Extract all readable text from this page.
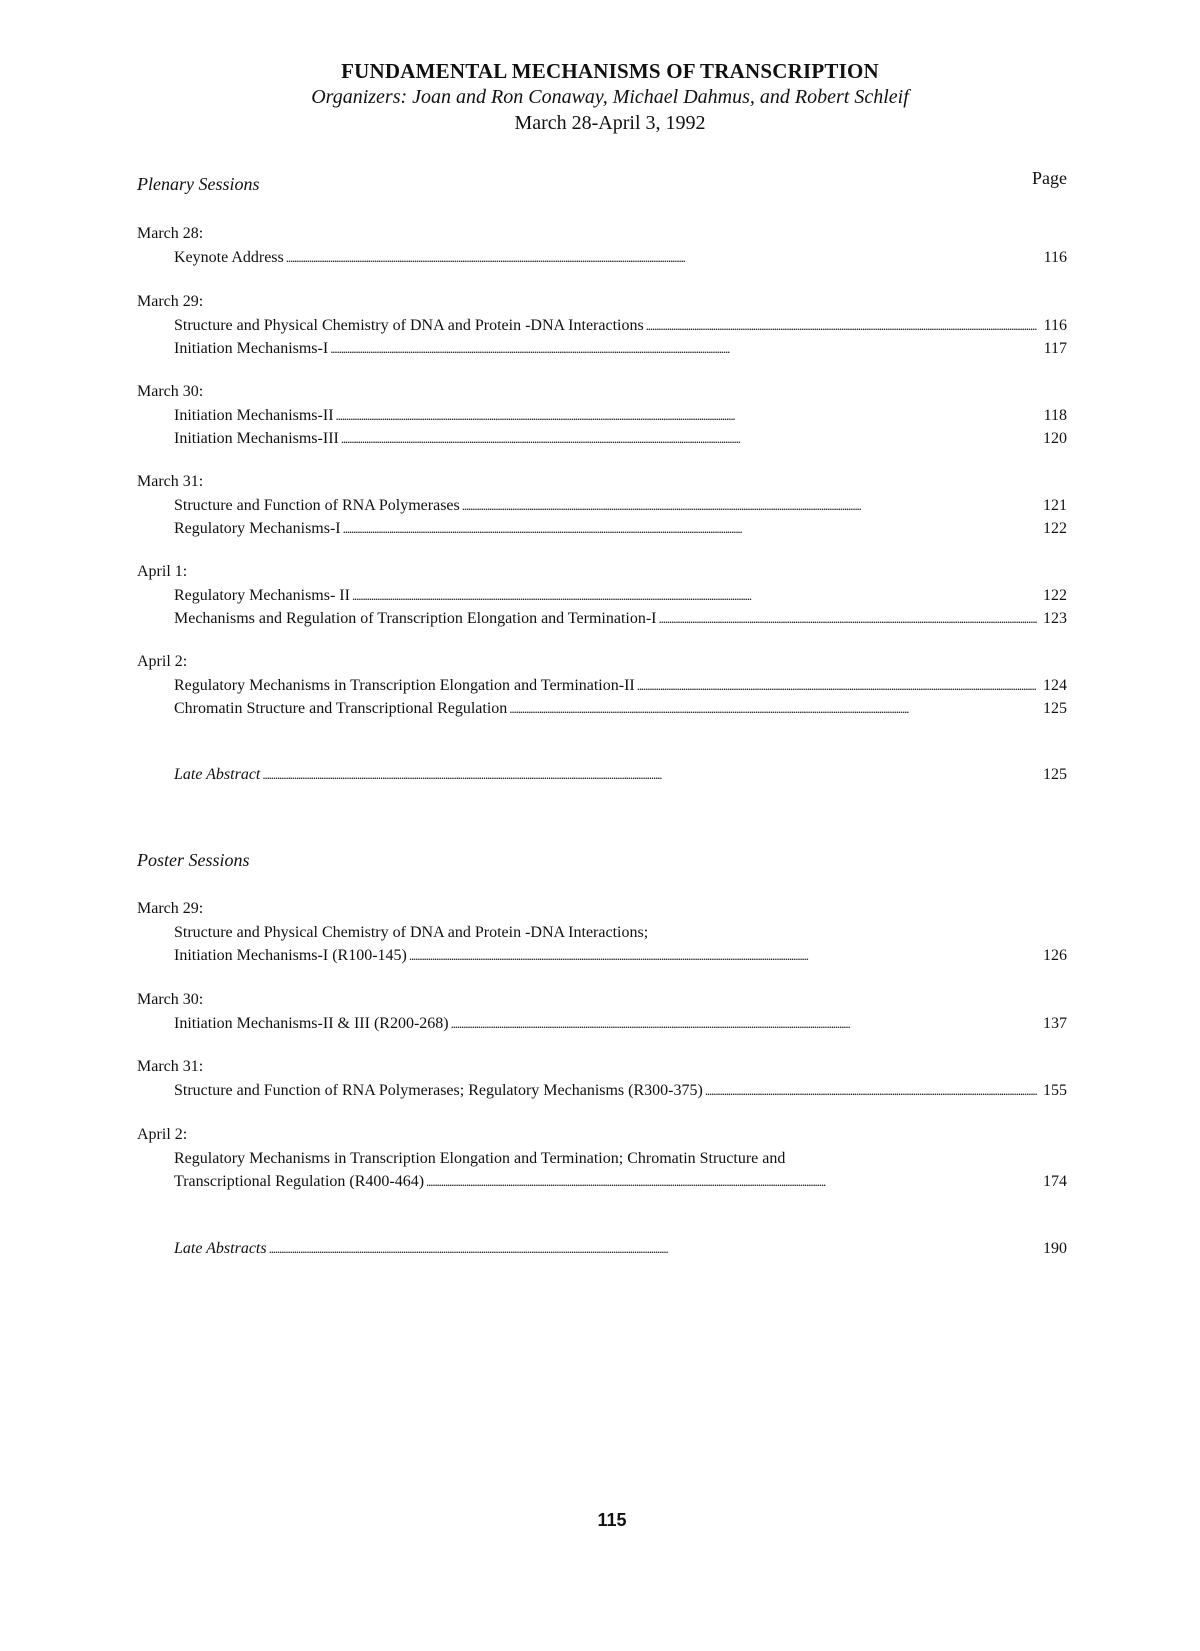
FUNDAMENTAL MECHANISMS OF TRANSCRIPTION
Organizers: Joan and Ron Conaway, Michael Dahmus, and Robert Schleif
March 28-April 3, 1992
Plenary Sessions	Page
March 28:
Keynote Address . . .	116
March 29:
Structure and Physical Chemistry of DNA and Protein -DNA Interactions . . .	116
Initiation Mechanisms-I . . .	117
March 30:
Initiation Mechanisms-II . . .	118
Initiation Mechanisms-III . . .	120
March 31:
Structure and Function of RNA Polymerases . . .	121
Regulatory Mechanisms-I . . .	122
April 1:
Regulatory Mechanisms- II . . .	122
Mechanisms and Regulation of Transcription Elongation and Termination-I . . .	123
April 2:
Regulatory Mechanisms in Transcription Elongation and Termination-II . . .	124
Chromatin Structure and Transcriptional Regulation . . .	125
Late Abstract . . .	125
Poster Sessions
March 29:
Structure and Physical Chemistry of DNA and Protein -DNA Interactions;
Initiation Mechanisms-I (R100-145) . . .	126
March 30:
Initiation Mechanisms-II & III (R200-268) . . .	137
March 31:
Structure and Function of RNA Polymerases; Regulatory Mechanisms (R300-375) . . .	155
April 2:
Regulatory Mechanisms in Transcription Elongation and Termination; Chromatin Structure and
Transcriptional Regulation (R400-464) . . .	174
Late Abstracts . . .	190
115
